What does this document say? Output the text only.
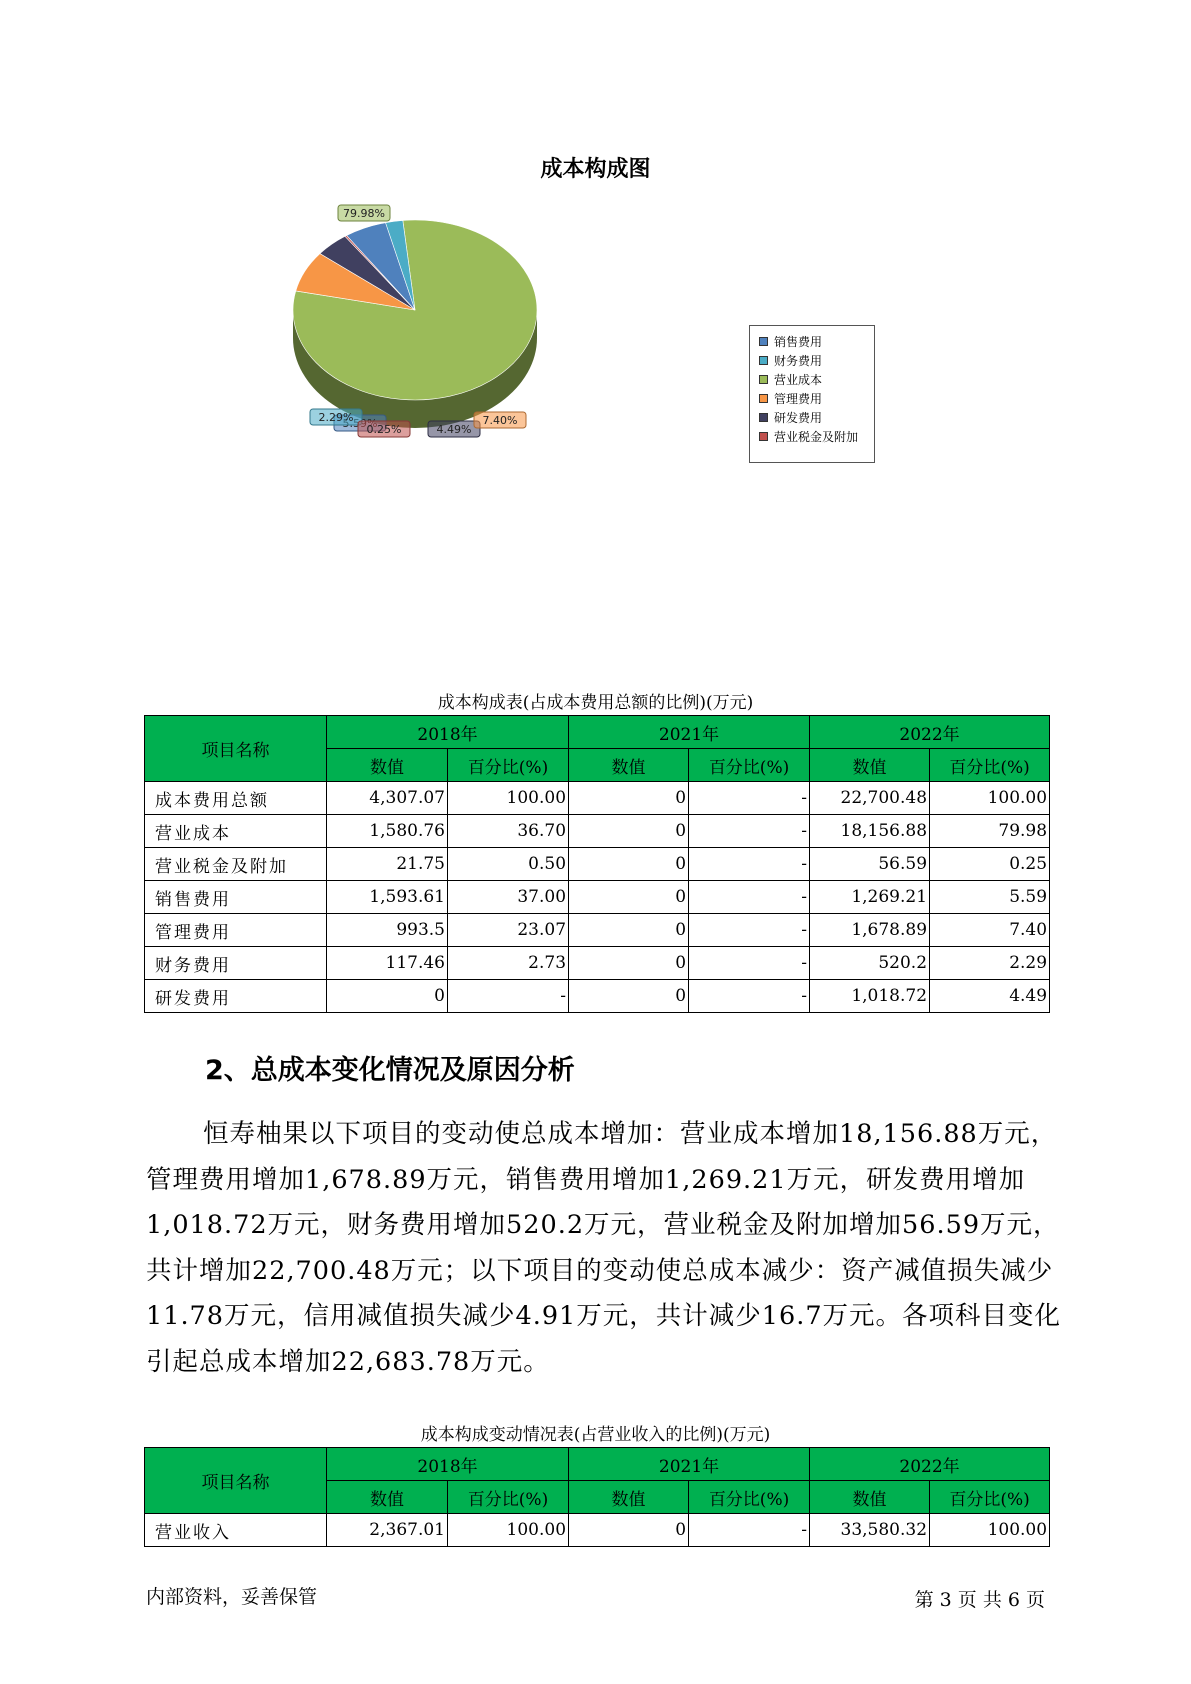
成本构成图
2.29%
0.25%	4.49%
7.40%
79.98%
销售费用
财务费用
营业成本
管理费用
研发费用
营业税金及附加
成本构成表(占成本费用总额的比例)(万元)
项目名称	2018年		2021年		2022年	
	数值	百分比(%)	数值	百分比(%)	数值	百分比(%)
成本费用总额	4,307.07	100.00	0	-	22,700.48	100.00
营业成本	1,580.76	36.70	0	-	18,156.88	79.98
营业税金及附加	21.75	0.50	0	-	56.59	0.25
销售费用	1,593.61	37.00	0	-	1,269.21	5.59
管理费用	993.5	23.07	0	-	1,678.89	7.40
财务费用	117.46	2.73	0	-	520.2	2.29
研发费用	0	-	0	-	1,018.72	4.49
2、总成本变化情况及原因分析
恒寿柚果以下项目的变动使总成本增加：营业成本增加18,156.88万元，管理费用增加1,678.89万元，销售费用增加1,269.21万元，研发费用增加1,018.72万元，财务费用增加520.2万元，营业税金及附加增加56.59万元，共计增加22,700.48万元；以下项目的变动使总成本减少：资产减值损失减少11.78万元，信用减值损失减少4.91万元，共计减少16.7万元。各项科目变化引起总成本增加22,683.78万元。
成本构成变动情况表(占营业收入的比例)(万元)
项目名称	2018年		2021年		2022年	
	数值	百分比(%)	数值	百分比(%)	数值	百分比(%)
营业收入	2,367.01	100.00	0	-	33,580.32	100.00
内部资料，妥善保管	第 3 页 共 6 页
